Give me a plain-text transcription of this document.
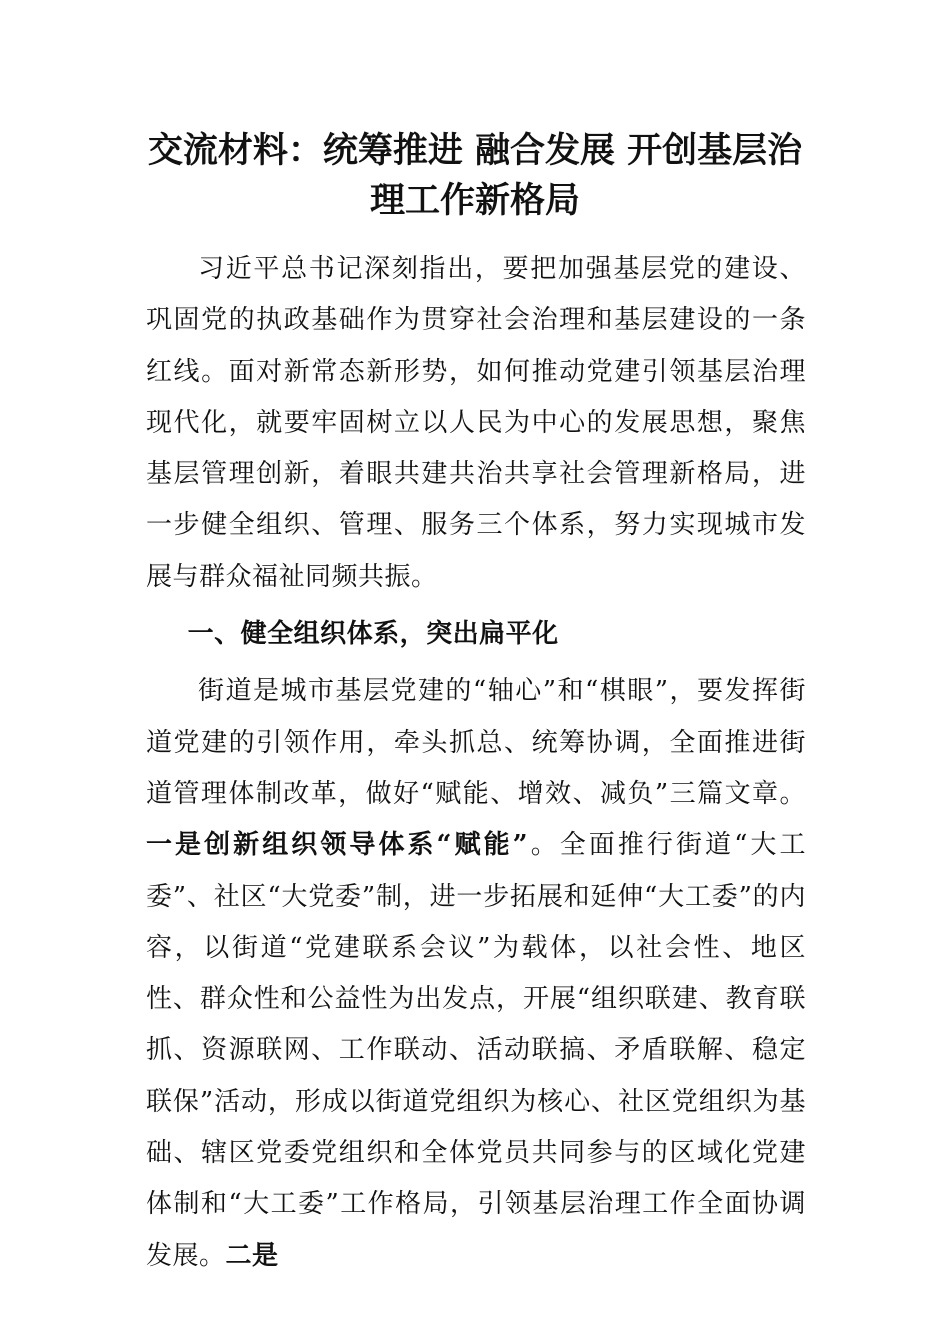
交流材料：统筹推进 融合发展 开创基层治理工作新格局

习近平总书记深刻指出，要把加强基层党的建设、巩固党的执政基础作为贯穿社会治理和基层建设的一条红线。面对新常态新形势，如何推动党建引领基层治理现代化，就要牢固树立以人民为中心的发展思想，聚焦基层管理创新，着眼共建共治共享社会管理新格局，进一步健全组织、管理、服务三个体系，努力实现城市发展与群众福祉同频共振。

一、健全组织体系，突出扁平化

街道是城市基层党建的“轴心”和“棋眼”，要发挥街道党建的引领作用，牵头抓总、统筹协调，全面推进街道管理体制改革，做好“赋能、增效、减负”三篇文章。一是创新组织领导体系“赋能”。全面推行街道“大工委”、社区“大党委”制，进一步拓展和延伸“大工委”的内容，以街道“党建联系会议”为载体，以社会性、地区性、群众性和公益性为出发点，开展“组织联建、教育联抓、资源联网、工作联动、活动联搞、矛盾联解、稳定联保”活动，形成以街道党组织为核心、社区党组织为基础、辖区党委党组织和全体党员共同参与的区域化党建体制和“大工委”工作格局，引领基层治理工作全面协调发展。二是
